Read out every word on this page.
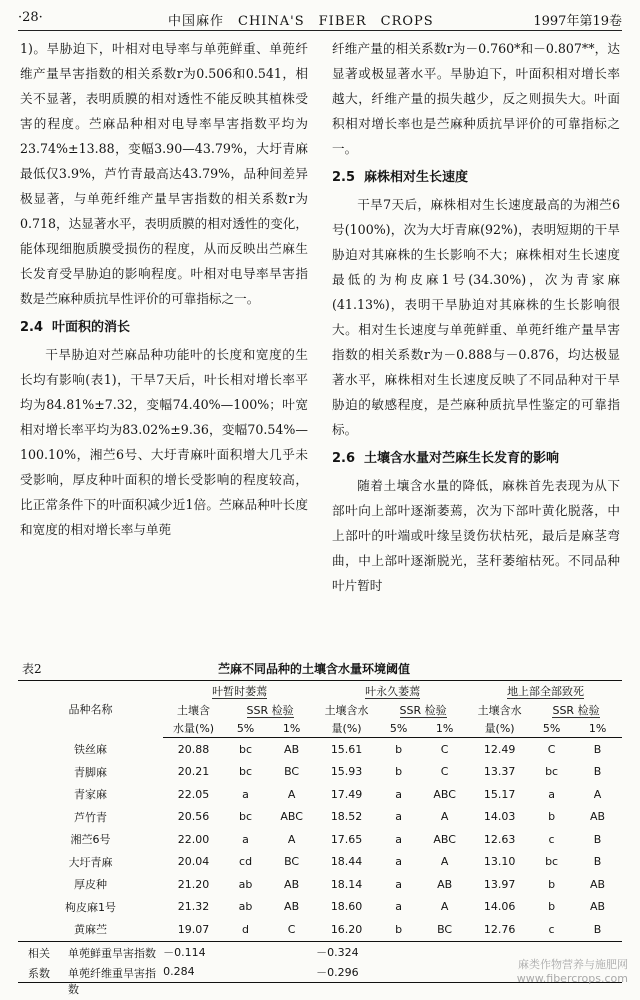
·28·	中国麻作　CHINA'S　FIBER　CROPS	1997年第19卷

1)。旱胁迫下，叶相对电导率与单蔸鲜重、单蔸纤维产量旱害指数的相关系数r为0.506和0.541，相关不显著，表明质膜的相对透性不能反映其植株受害的程度。苎麻品种相对电导率旱害指数平均为23.74%±13.88，变幅3.90—43.79%，大圩青麻最低仅3.9%，芦竹青最高达43.79%，品种间差异极显著，与单蔸纤维产量旱害指数的相关系数r为0.718，达显著水平，表明质膜的相对透性的变化，能体现细胞质膜受损伤的程度，从而反映出苎麻生长发育受旱胁迫的影响程度。叶相对电导率旱害指数是苎麻种质抗旱性评价的可靠指标之一。

2.4 叶面积的消长

干旱胁迫对苎麻品种功能叶的长度和宽度的生长均有影响(表1)，干旱7天后，叶长相对增长率平均为84.81%±7.32，变幅74.40%—100%；叶宽相对增长率平均为83.02%±9.36，变幅70.54%—100.10%，湘苎6号、大圩青麻叶面积增大几乎未受影响，厚皮种叶面积的增长受影响的程度较高，比正常条件下的叶面积减少近1倍。苎麻品种叶长度和宽度的相对增长率与单蔸

纤维产量的相关系数r为－0.760*和－0.807**，达显著或极显著水平。旱胁迫下，叶面积相对增长率越大，纤维产量的损失越少，反之则损失大。叶面积相对增长率也是苎麻种质抗旱评价的可靠指标之一。

2.5 麻株相对生长速度

干旱7天后，麻株相对生长速度最高的为湘苎6号(100%)，次为大圩青麻(92%)，表明短期的干旱胁迫对其麻株的生长影响不大；麻株相对生长速度最低的为枸皮麻1号(34.30%)，次为青家麻(41.13%)，表明干旱胁迫对其麻株的生长影响很大。相对生长速度与单蔸鲜重、单蔸纤维产量旱害指数的相关系数r为－0.888与－0.876，均达极显著水平，麻株相对生长速度反映了不同品种对干旱胁迫的敏感程度，是苎麻种质抗旱性鉴定的可靠指标。

2.6 土壤含水量对苎麻生长发育的影响

随着土壤含水量的降低，麻株首先表现为从下部叶向上部叶逐渐萎蔫，次为下部叶黄化脱落，中上部叶的叶端或叶缘呈烫伤状枯死，最后是麻茎弯曲，中上部叶逐渐脱光，茎秆萎缩枯死。不同品种叶片暂时

表2	苎麻不同品种的土壤含水量环境阈值
品种名称	叶暂时萎蔫			叶永久萎蔫			地上部全部致死		
	土壤含	SSR 检验		土壤含水	SSR 检验		土壤含水	SSR 检验	
	水量(%)	5%	1%	量(%)	5%	1%	量(%)	5%	1%
铁丝麻	20.88	bc	AB	15.61	b	C	12.49	C	B
青脚麻	20.21	bc	BC	15.93	b	C	13.37	bc	B
青家麻	22.05	a	A	17.49	a	ABC	15.17	a	A
芦竹青	20.56	bc	ABC	18.52	a	A	14.03	b	AB
湘苎6号	22.00	a	A	17.65	a	ABC	12.63	c	B
大圩青麻	20.04	cd	BC	18.44	a	A	13.10	bc	B
厚皮种	21.20	ab	AB	18.14	a	AB	13.97	b	AB
枸皮麻1号	21.32	ab	AB	18.60	a	A	14.06	b	AB
黄麻苎	19.07	d	C	16.20	b	BC	12.76	c	B

相关 单蔸鲜重旱害指数	－0.114			－0.324					

系数 单蔸纤维重旱害指数	0.284			－0.296					
麻类作物营养与施肥网
www.fibercrops.com
